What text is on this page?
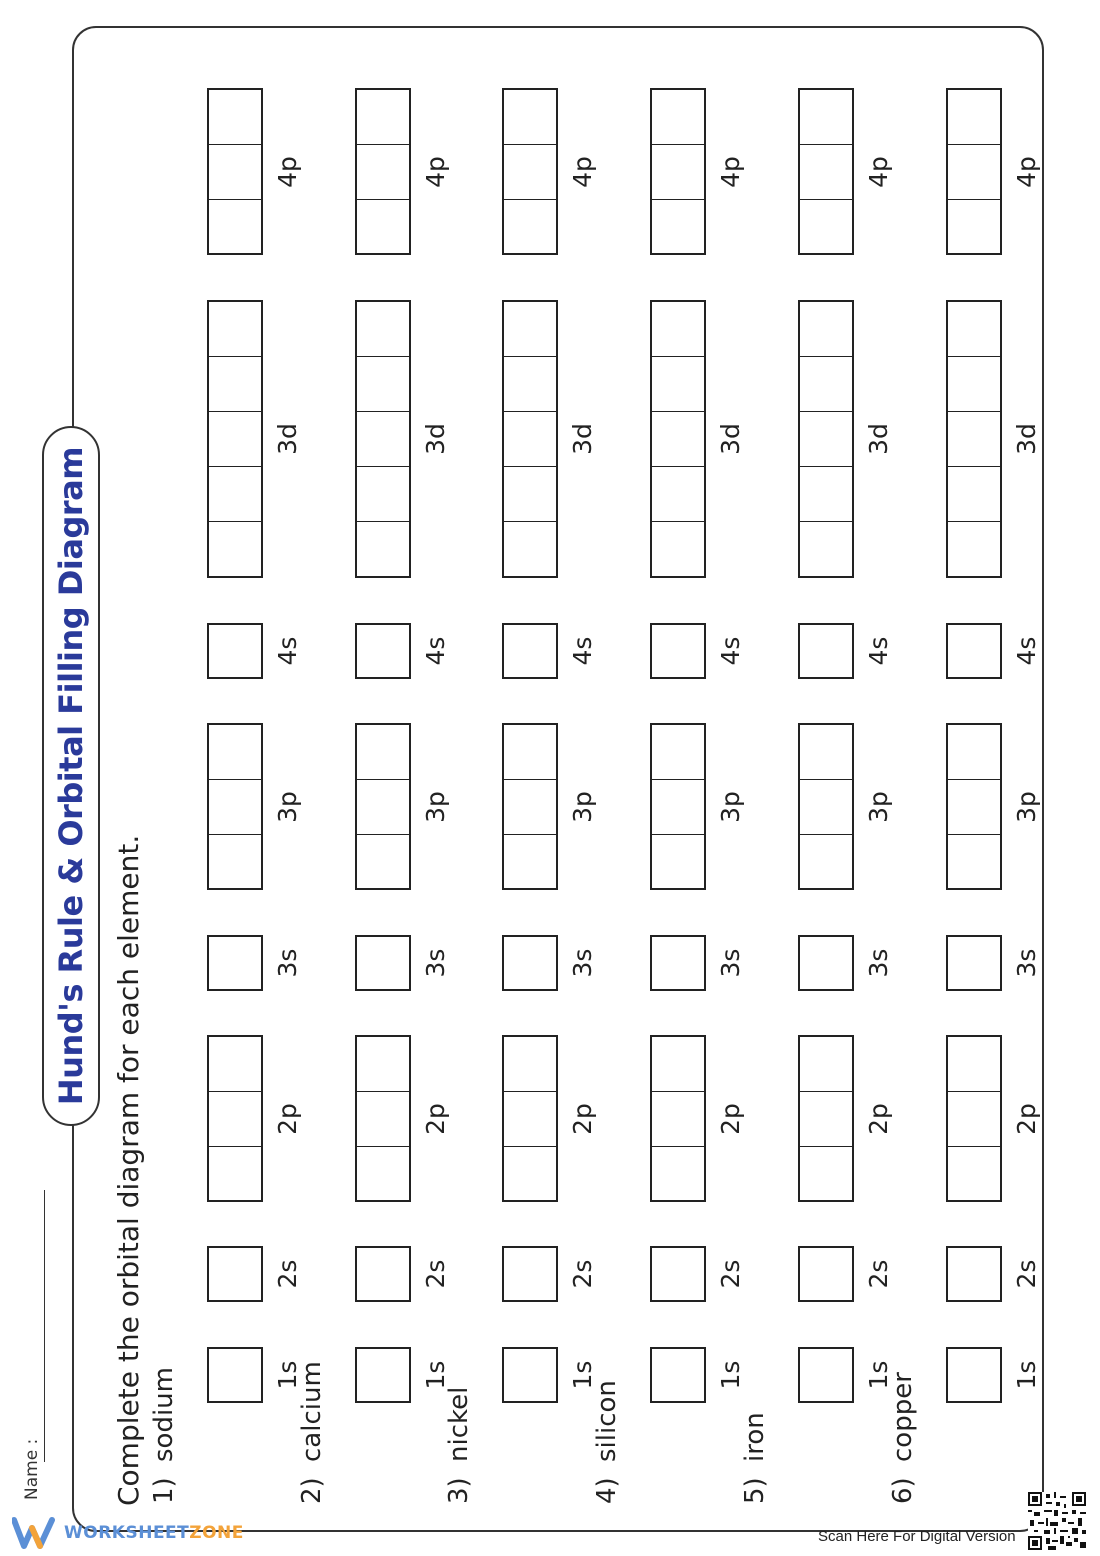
Hund's Rule & Orbital Filling Diagram
Name :	Complete the orbital diagram for each element. 1)
sodium	1s
2s
2p
3s
3p
4s
3d
4p
2)
calcium	1s
2s
2p
3s
3p
4s
3d
4p
3)
nickel
1s
2s
2p
3s
3p
4s
3d
4p
4)
silicon
1s
2s
2p
3s
3p
4s
3d
4p
5)
iron
1s
2s
2p
3s
3p
4s
3d
4p
6)
copper	1s
2s
2p
3s
3p
4s
3d
4p
WORKSHEETZONE	Scan Here For Digital Version
